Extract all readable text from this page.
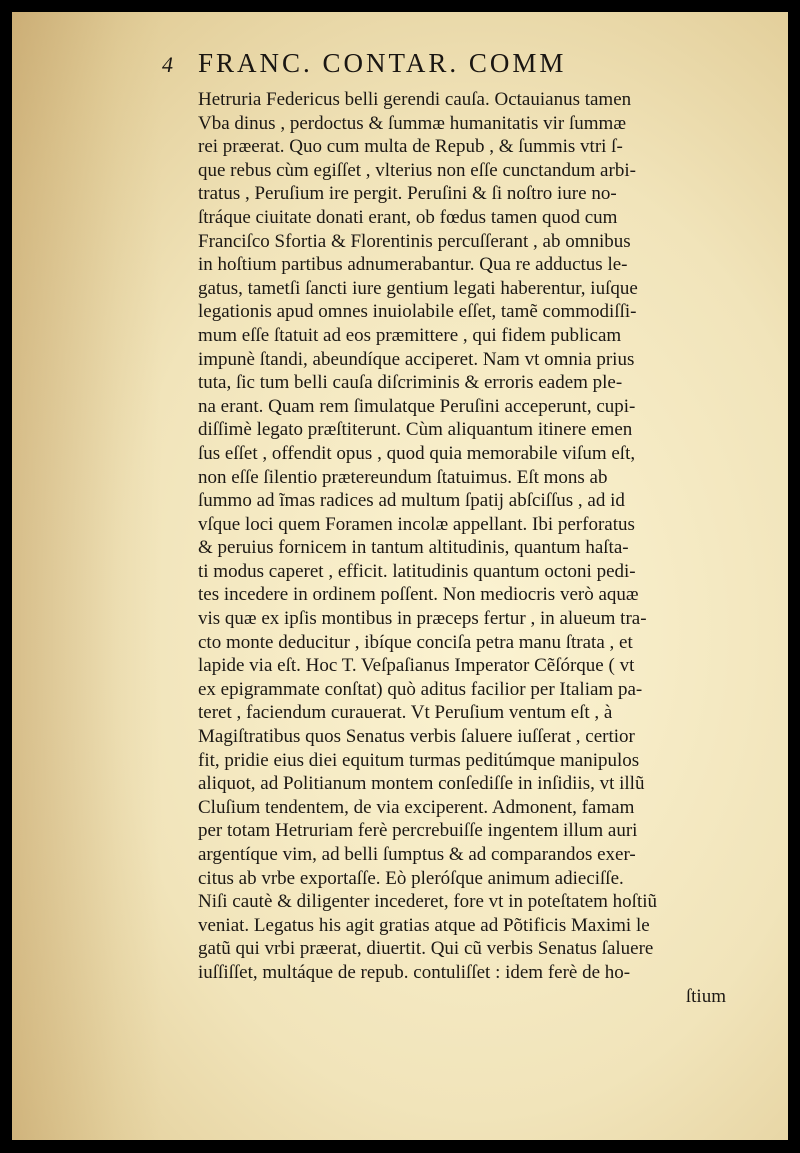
4 FRANC. CONTAR. COMM
Hetruria Federicus belli gerendi cauſa. Octauianus tamen
Vba dinus , perdoctus & ſummæ humanitatis vir ſummæ
rei præerat. Quo cum multa de Repub , & ſummis vtri ſ-
que rebus cùm egiſſet , vlterius non eſſe cunctandum arbi-
tratus , Peruſium ire pergit. Peruſini & ſi noſtro iure no-
ſtráque ciuitate donati erant, ob fœdus tamen quod cum
Franciſco Sfortia & Florentinis percuſſerant , ab omnibus
in hoſtium partibus adnumerabantur. Qua re adductus le-
gatus, tametſi ſancti iure gentium legati haberentur, iuſque
legationis apud omnes inuiolabile eſſet, tamẽ commodiſſi-
mum eſſe ſtatuit ad eos præmittere , qui fidem publicam
impunè ſtandi, abeundíque acciperet. Nam vt omnia prius
tuta, ſic tum belli cauſa diſcriminis & erroris eadem ple-
na erant. Quam rem ſimulatque Peruſini acceperunt, cupi-
diſſimè legato præſtiterunt. Cùm aliquantum itinere emen
ſus eſſet , offendit opus , quod quia memorabile viſum eſt,
non eſſe ſilentio prætereundum ſtatuimus. Eſt mons ab
ſummo ad ĩmas radices ad multum ſpatij abſciſſus , ad id
vſque loci quem Foramen incolæ appellant. Ibi perforatus
& peruius fornicem in tantum altitudinis, quantum haſta-
ti modus caperet , efficit. latitudinis quantum octoni pedi-
tes incedere in ordinem poſſent. Non mediocris verò aquæ
vis quæ ex ipſis montibus in præceps fertur , in alueum tra-
cto monte deducitur , ibíque conciſa petra manu ſtrata , et
lapide via eſt. Hoc T. Veſpaſianus Imperator Cẽſórque ( vt
ex epigrammate conſtat) quò aditus facilior per Italiam pa-
teret , faciendum curauerat. Vt Peruſium ventum eſt , à
Magiſtratibus quos Senatus verbis ſaluere iuſſerat , certior
fit, pridie eius diei equitum turmas peditúmque manipulos
aliquot, ad Politianum montem conſediſſe in inſidiis, vt illũ
Cluſium tendentem, de via exciperent. Admonent, famam
per totam Hetruriam ferè percrebuiſſe ingentem illum auri
argentíque vim, ad belli ſumptus & ad comparandos exer-
citus ab vrbe exportaſſe. Eò pleróſque animum adieciſſe.
Niſi cautè & diligenter incederet, fore vt in poteſtatem hoſtiũ
veniat. Legatus his agit gratias atque ad Põtificis Maximi le
gatũ qui vrbi præerat, diuertit. Qui cũ verbis Senatus ſaluere
iuſſiſſet, multáque de repub. contuliſſet : idem ferè de ho-
ſtium
